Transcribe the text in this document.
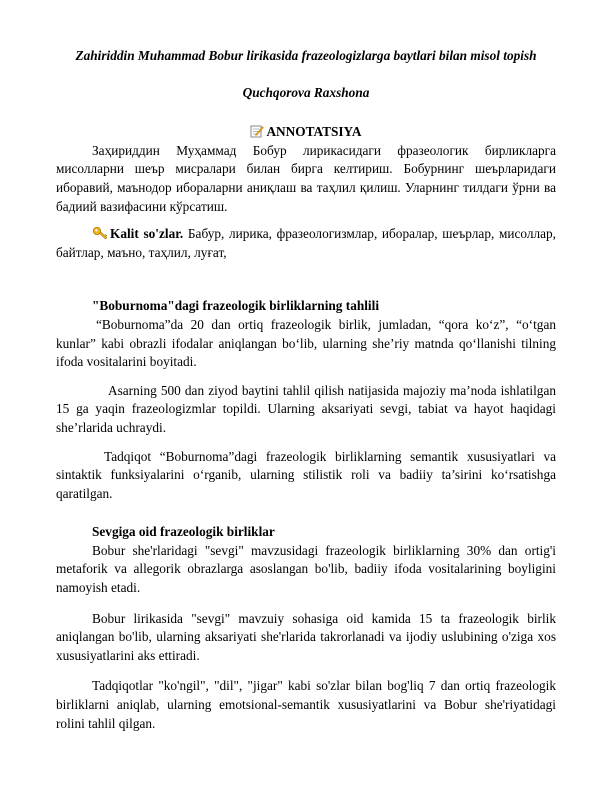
Zahiriddin Muhammad Bobur lirikasida frazeologizlarga baytlari bilan misol topish

Quchqorova Raxshona

ANNOTATSIYA

Заҳириддин Муҳаммад Бобур лирикасидаги фразеологик бирликларга мисолларни шеър мисралари билан бирга келтириш. Бобурнинг шеърларидаги иборавий, маънодор ибораларни аниқлаш ва таҳлил қилиш. Уларнинг тилдаги ўрни ва бадиий вазифасини кўрсатиш.

Kalit so'zlar. Бабур, лирика, фразеологизмлар, иборалар, шеърлар, мисоллар, байтлар, маъно, таҳлил, луғат,

"Boburnoma"dagi frazeologik birliklarning tahlili

“Boburnoma”da 20 dan ortiq frazeologik birlik, jumladan, “qora ko‘z”, “o‘tgan kunlar” kabi obrazli ifodalar aniqlangan bo‘lib, ularning she’riy matnda qo‘llanishi tilning ifoda vositalarini boyitadi.

Asarning 500 dan ziyod baytini tahlil qilish natijasida majoziy ma’noda ishlatilgan 15 ga yaqin frazeologizmlar topildi. Ularning aksariyati sevgi, tabiat va hayot haqidagi she’rlarida uchraydi.

Tadqiqot “Boburnoma”dagi frazeologik birliklarning semantik xususiyatlari va sintaktik funksiyalarini o‘rganib, ularning stilistik roli va badiiy ta’sirini ko‘rsatishga qaratilgan.

Sevgiga oid frazeologik birliklar

Bobur she'rlaridagi "sevgi" mavzusidagi frazeologik birliklarning 30% dan ortig'i metaforik va allegorik obrazlarga asoslangan bo'lib, badiiy ifoda vositalarining boyligini namoyish etadi.

Bobur lirikasida "sevgi" mavzuiy sohasiga oid kamida 15 ta frazeologik birlik aniqlangan bo'lib, ularning aksariyati she'rlarida takrorlanadi va ijodiy uslubining o'ziga xos xususiyatlarini aks ettiradi.

Tadqiqotlar "ko'ngil", "dil", "jigar" kabi so'zlar bilan bog'liq 7 dan ortiq frazeologik birliklarni aniqlab, ularning emotsional-semantik xususiyatlarini va Bobur she'riyatidagi rolini tahlil qilgan.
